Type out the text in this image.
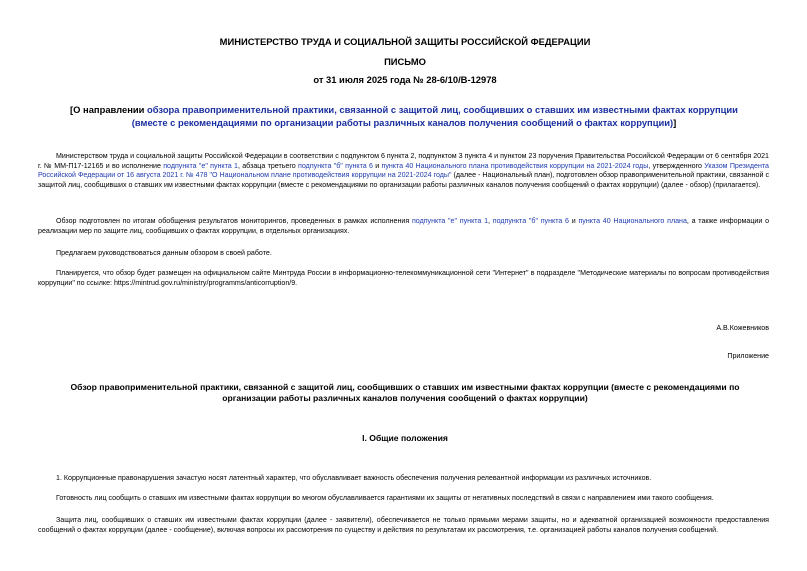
МИНИСТЕРСТВО ТРУДА И СОЦИАЛЬНОЙ ЗАЩИТЫ РОССИЙСКОЙ ФЕДЕРАЦИИ
ПИСЬМО
от 31 июля 2025 года № 28-6/10/В-12978
[О направлении обзора правоприменительной практики, связанной с защитой лиц, сообщивших о ставших им известными фактах коррупции (вместе с рекомендациями по организации работы различных каналов получения сообщений о фактах коррупции)]
Министерством труда и социальной защиты Российской Федерации в соответствии с подпунктом 6 пункта 2, подпунктом 3 пункта 4 и пунктом 23 поручения Правительства Российской Федерации от 6 сентября 2021 г. № ММ-П17-12165 и во исполнение подпункта "е" пункта 1, абзаца третьего подпункта "б" пункта 6 и пункта 40 Национального плана противодействия коррупции на 2021-2024 годы, утвержденного Указом Президента Российской Федерации от 16 августа 2021 г. № 478 "О Национальном плане противодействия коррупции на 2021-2024 годы" (далее - Национальный план), подготовлен обзор правоприменительной практики, связанной с защитой лиц, сообщивших о ставших им известными фактах коррупции (вместе с рекомендациями по организации работы различных каналов получения сообщений о фактах коррупции) (далее - обзор) (прилагается).
Обзор подготовлен по итогам обобщения результатов мониторингов, проведенных в рамках исполнения подпункта "е" пункта 1, подпункта "б" пункта 6 и пункта 40 Национального плана, а также информации о реализации мер по защите лиц, сообщивших о фактах коррупции, в отдельных организациях.
Предлагаем руководствоваться данным обзором в своей работе.
Планируется, что обзор будет размещен на официальном сайте Минтруда России в информационно-телекоммуникационной сети "Интернет" в подразделе "Методические материалы по вопросам противодействия коррупции" по ссылке: https://mintrud.gov.ru/ministry/programms/anticorruption/9.
А.В.Кожевников
Приложение
Обзор правоприменительной практики, связанной с защитой лиц, сообщивших о ставших им известными фактах коррупции (вместе с рекомендациями по организации работы различных каналов получения сообщений о фактах коррупции)
I. Общие положения
1. Коррупционные правонарушения зачастую носят латентный характер, что обуславливает важность обеспечения получения релевантной информации из различных источников.
Готовность лиц сообщить о ставших им известными фактах коррупции во многом обуславливается гарантиями их защиты от негативных последствий в связи с направлением ими такого сообщения.
Защита лиц, сообщивших о ставших им известными фактах коррупции (далее - заявители), обеспечивается не только прямыми мерами защиты, но и адекватной организацией возможности предоставления сообщений о фактах коррупции (далее - сообщение), включая вопросы их рассмотрения по существу и действия по результатам их рассмотрения, т.е. организацией работы каналов получения сообщений.
